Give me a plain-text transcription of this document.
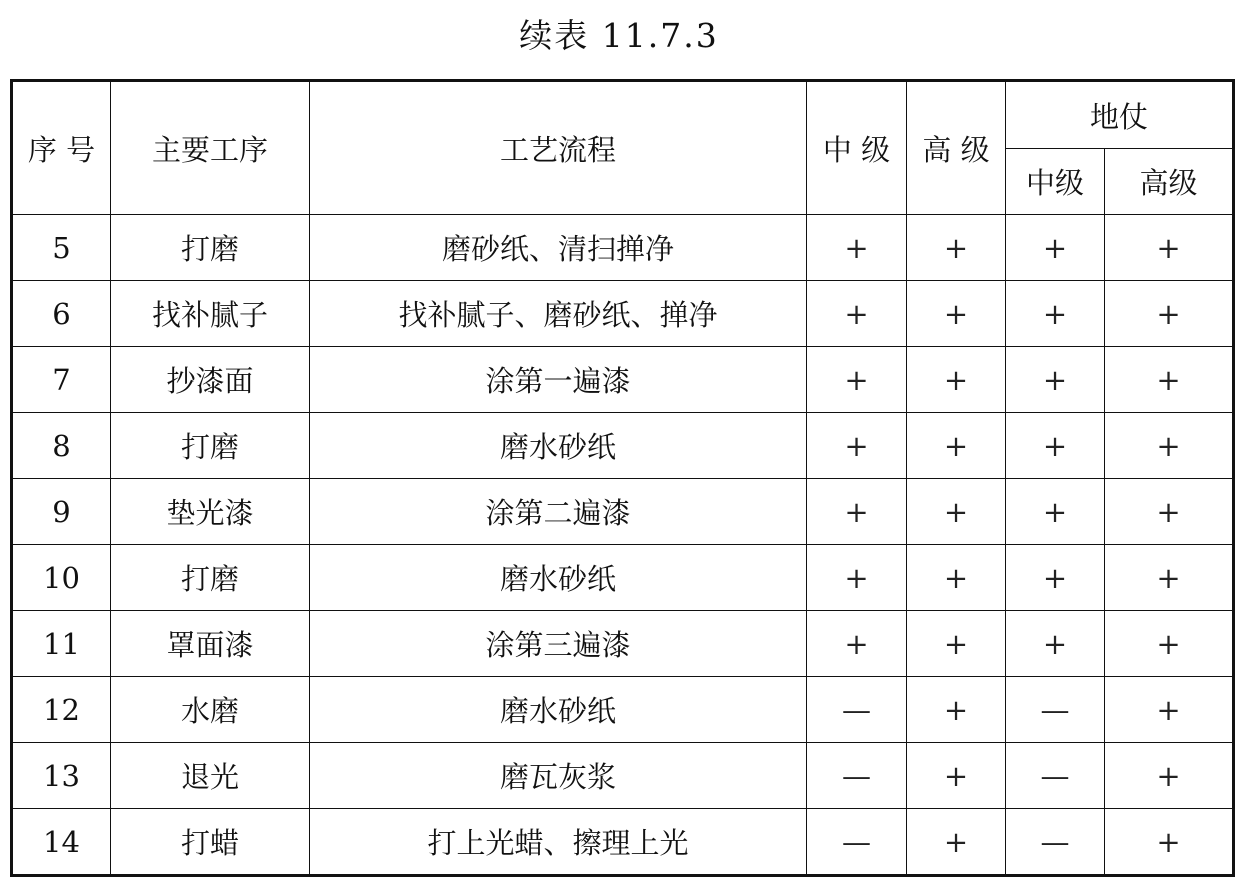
续表 11.7.3
序 号	主要工序	工艺流程	中 级	高 级	地仗	
					中级	高级
5	打磨	磨砂纸、清扫掸净	+	+	+	+
6	找补腻子	找补腻子、磨砂纸、掸净	+	+	+	+
7	抄漆面	涂第一遍漆	+	+	+	+
8	打磨	磨水砂纸	+	+	+	+
9	垫光漆	涂第二遍漆	+	+	+	+
10	打磨	磨水砂纸	+	+	+	+
11	罩面漆	涂第三遍漆	+	+	+	+
12	水磨	磨水砂纸	—	+	—	+
13	退光	磨瓦灰浆	—	+	—	+
14	打蜡	打上光蜡、擦理上光	—	+	—	+
